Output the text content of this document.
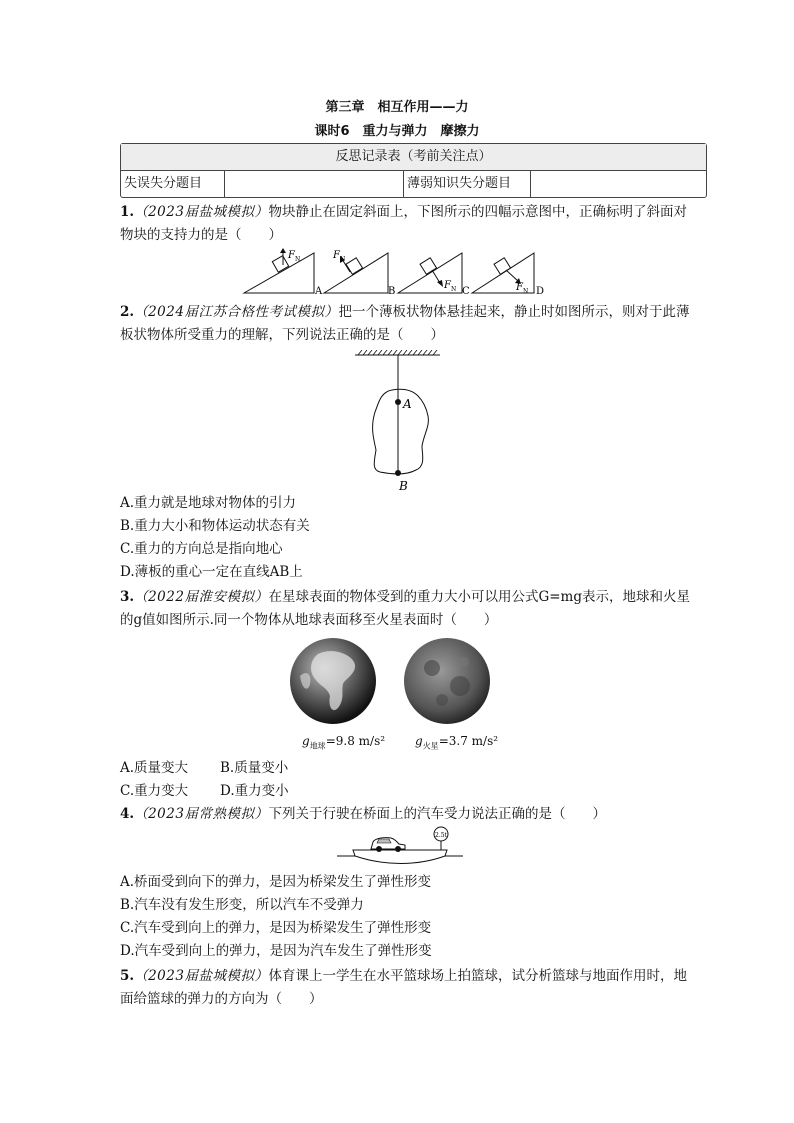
第三章　相互作用——力
课时6　重力与弹力　摩擦力
反思记录表（考前关注点）
失误失分题目	薄弱知识失分题目
1.（2023届盐城模拟）物块静止在固定斜面上，下图所示的四幅示意图中，正确标明了斜面对物块的支持力的是（　　）
F N
A
F N
B
F N C	F N D
2.（2024届江苏合格性考试模拟）把一个薄板状物体悬挂起来，静止时如图所示，则对于此薄板状物体所受重力的理解，下列说法正确的是（　　）
A
B
A.重力就是地球对物体的引力
B.重力大小和物体运动状态有关
C.重力的方向总是指向地心
D.薄板的重心一定在直线AB上
3.（2022届淮安模拟）在星球表面的物体受到的重力大小可以用公式G=mg表示，地球和火星的g值如图所示.同一个物体从地球表面移至火星表面时（　　）
$g_{地球}=9.8$ m/s² $g_{火星}=3.7$ m/s²
A.质量变大 B.质量变小
C.重力变大 D.重力变小
4.（2023届常熟模拟）下列关于行驶在桥面上的汽车受力说法正确的是（　　）
2.5t
A.桥面受到向下的弹力，是因为桥梁发生了弹性形变
B.汽车没有发生形变，所以汽车不受弹力
C.汽车受到向上的弹力，是因为桥梁发生了弹性形变
D.汽车受到向上的弹力，是因为汽车发生了弹性形变
5.（2023届盐城模拟）体育课上一学生在水平篮球场上拍篮球，试分析篮球与地面作用时，地面给篮球的弹力的方向为（　　）
